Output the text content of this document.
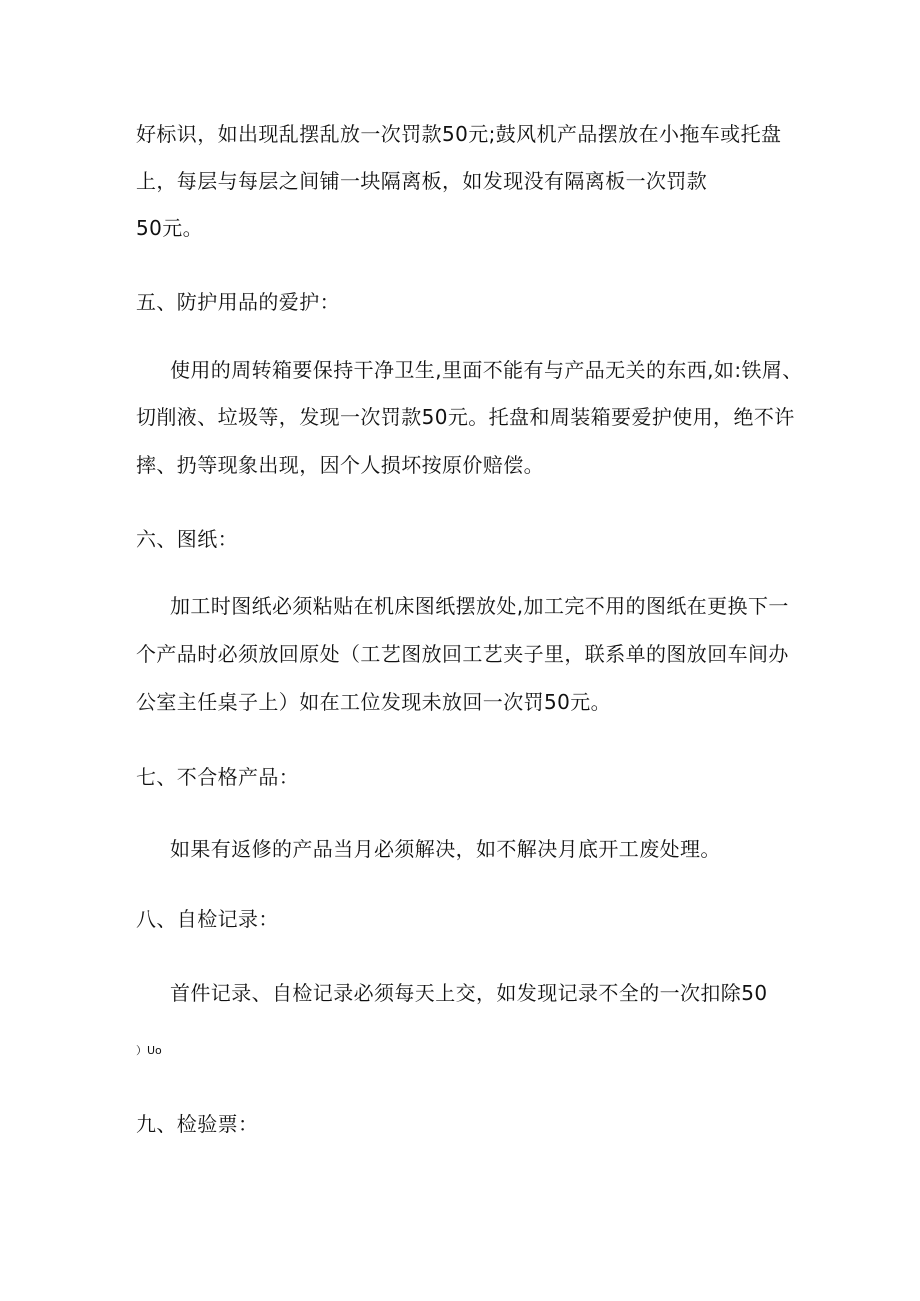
好标识，如出现乱摆乱放一次罚款50元;鼓风机产品摆放在小拖车或托盘
上，每层与每层之间铺一块隔离板，如发现没有隔离板一次罚款
50元。
五、防护用品的爱护：
使用的周转箱要保持干净卫生,里面不能有与产品无关的东西,如:铁屑、
切削液、垃圾等，发现一次罚款50元。托盘和周装箱要爱护使用，绝不许
摔、扔等现象出现，因个人损坏按原价赔偿。
六、图纸：
加工时图纸必须粘贴在机床图纸摆放处,加工完不用的图纸在更换下一
个产品时必须放回原处（工艺图放回工艺夹子里，联系单的图放回车间办
公室主任桌子上）如在工位发现未放回一次罚50元。
七、不合格产品：
如果有返修的产品当月必须解决，如不解决月底开工废处理。
八、自检记录：
首件记录、自检记录必须每天上交，如发现记录不全的一次扣除50
）Uo
九、检验票：
